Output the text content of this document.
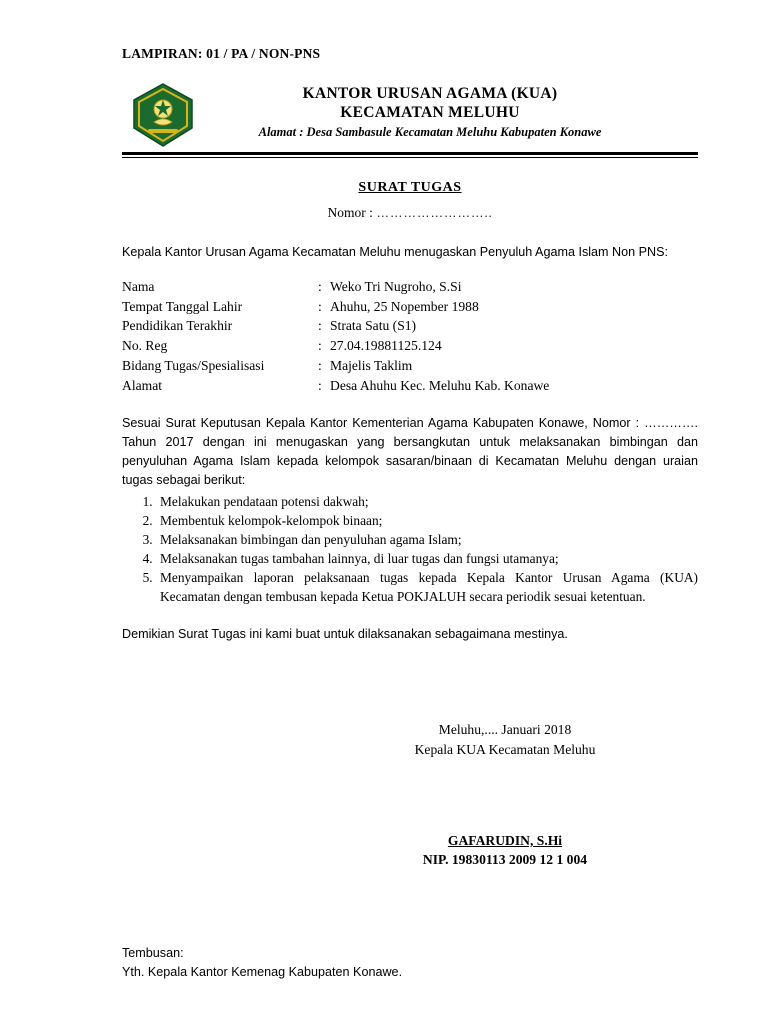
LAMPIRAN: 01 / PA / NON-PNS
KANTOR URUSAN AGAMA (KUA)
KECAMATAN MELUHU
Alamat : Desa Sambasule Kecamatan Meluhu Kabupaten Konawe
SURAT TUGAS
Nomor : ……………………..
Kepala Kantor Urusan Agama Kecamatan Meluhu menugaskan Penyuluh Agama Islam Non PNS:
Nama	:	Weko Tri Nugroho, S.Si
Tempat Tanggal Lahir	:	Ahuhu, 25 Nopember 1988
Pendidikan Terakhir	:	Strata Satu (S1)
No. Reg	:	27.04.19881125.124
Bidang Tugas/Spesialisasi	:	Majelis Taklim
Alamat	:	Desa Ahuhu Kec. Meluhu Kab. Konawe
Sesuai Surat Keputusan Kepala Kantor Kementerian Agama Kabupaten Konawe, Nomor : …………. Tahun 2017 dengan ini menugaskan yang bersangkutan untuk melaksanakan bimbingan dan penyuluhan Agama Islam kepada kelompok sasaran/binaan di Kecamatan Meluhu dengan uraian tugas sebagai berikut:
1. Melakukan pendataan potensi dakwah;
2. Membentuk kelompok-kelompok binaan;
3. Melaksanakan bimbingan dan penyuluhan agama Islam;
4. Melaksanakan tugas tambahan lainnya, di luar tugas dan fungsi utamanya;
5. Menyampaikan laporan pelaksanaan tugas kepada Kepala Kantor Urusan Agama (KUA) Kecamatan dengan tembusan kepada Ketua POKJALUH secara periodik sesuai ketentuan.
Demikian Surat Tugas ini kami buat untuk dilaksanakan sebagaimana mestinya.
Meluhu,.... Januari 2018
Kepala KUA Kecamatan Meluhu
GAFARUDIN, S.Hi
NIP. 19830113 2009 12 1 004
Tembusan:
Yth. Kepala Kantor Kemenag Kabupaten Konawe.
